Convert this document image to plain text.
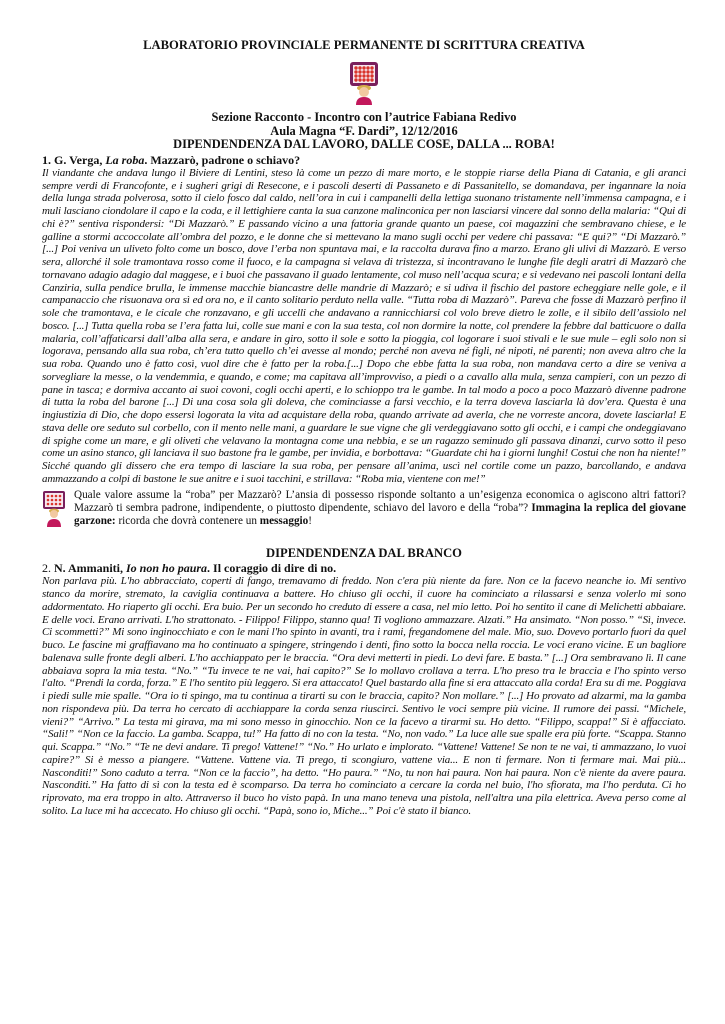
LABORATORIO PROVINCIALE PERMANENTE DI SCRITTURA CREATIVA

Sezione Racconto - Incontro con l’autrice Fabiana Redivo

Aula Magna “F. Dardi”, 12/12/2016

DIPENDENDENZA DAL LAVORO, DALLE COSE, DALLA ... ROBA!

1. G. Verga, La roba. Mazzarò, padrone o schiavo?

Il viandante che andava lungo il Biviere di Lentini, steso là come un pezzo di mare morto, e le stoppie riarse della Piana di Catania, e gli aranci sempre verdi di Francofonte, e i sugheri grigi di Resecone, e i pascoli deserti di Passaneto e di Passanitello, se domandava, per ingannare la noia della lunga strada polverosa, sotto il cielo fosco dal caldo, nell’ora in cui i campanelli della lettiga suonano tristamente nell’immensa campagna, e i muli lasciano ciondolare il capo e la coda, e il lettighiere canta la sua canzone malinconica per non lasciarsi vincere dal sonno della malaria: “Qui di chi è?” sentiva rispondersi: “Di Mazzarò.” E passando vicino a una fattoria grande quanto un paese, coi magazzini che sembravano chiese, e le galline a stormi accoccolate all’ombra del pozzo, e le donne che si mettevano la mano sugli occhi per vedere chi passava: “E qui?” “Di Mazzarò.” [...] Poi veniva un uliveto folto come un bosco, dove l’erba non spuntava mai, e la raccolta durava fino a marzo. Erano gli ulivi di Mazzarò. E verso sera, allorché il sole tramontava rosso come il fuoco, e la campagna si velava di tristezza, si incontravano le lunghe file degli aratri di Mazzarò che tornavano adagio adagio dal maggese, e i buoi che passavano il guado lentamente, col muso nell’acqua scura; e si vedevano nei pascoli lontani della Canziria, sulla pendice brulla, le immense macchie biancastre delle mandrie di Mazzarò; e si udiva il fischio del pastore echeggiare nelle gole, e il campanaccio che risuonava ora sì ed ora no, e il canto solitario perduto nella valle. “Tutta roba di Mazzarò”. Pareva che fosse di Mazzarò perfino il sole che tramontava, e le cicale che ronzavano, e gli uccelli che andavano a rannicchiarsi col volo breve dietro le zolle, e il sibilo dell’assiolo nel bosco. [...] Tutta quella roba se l’era fatta lui, colle sue mani e con la sua testa, col non dormire la notte, col prendere la febbre dal batticuore o dalla malaria, coll’affaticarsi dall’alba alla sera, e andare in giro, sotto il sole e sotto la pioggia, col logorare i suoi stivali e le sue mule – egli solo non si logorava, pensando alla sua roba, ch’era tutto quello ch’ei avesse al mondo; perché non aveva né figli, né nipoti, né parenti; non aveva altro che la sua roba. Quando uno è fatto così, vuol dire che è fatto per la roba.[...] Dopo che ebbe fatta la sua roba, non mandava certo a dire se veniva a sorvegliare la messe, o la vendemmia, e quando, e come; ma capitava all’improvviso, a piedi o a cavallo alla mula, senza campieri, con un pezzo di pane in tasca; e dormiva accanto ai suoi covoni, cogli occhi aperti, e lo schioppo tra le gambe. In tal modo a poco a poco Mazzarò divenne padrone di tutta la roba del barone [...] Di una cosa sola gli doleva, che cominciasse a farsi vecchio, e la terra doveva lasciarla là dov’era. Questa è una ingiustizia di Dio, che dopo essersi logorata la vita ad acquistare della roba, quando arrivate ad averla, che ne vorreste ancora, dovete lasciarla! E stava delle ore seduto sul corbello, con il mento nelle mani, a guardare le sue vigne che gli verdeggiavano sotto gli occhi, e i campi che ondeggiavano di spighe come un mare, e gli oliveti che velavano la montagna come una nebbia, e se un ragazzo seminudo gli passava dinanzi, curvo sotto il peso come un asino stanco, gli lanciava il suo bastone fra le gambe, per invidia, e borbottava: “Guardate chi ha i giorni lunghi! Costui che non ha niente!” Sicché quando gli dissero che era tempo di lasciare la sua roba, per pensare all’anima, uscì nel cortile come un pazzo, barcollando, e andava ammazzando a colpi di bastone le sue anitre e i suoi tacchini, e strillava: “Roba mia, vientene con me!”

Quale valore assume la “roba” per Mazzarò? L’ansia di possesso risponde soltanto a un’esigenza economica o agiscono altri fattori? Mazzarò ti sembra padrone, indipendente, o piuttosto dipendente, schiavo del lavoro e della “roba”? Immagina la replica del giovane garzone: ricorda che dovrà contenere un messaggio!

DIPENDENDENZA DAL BRANCO

2. N. Ammaniti, Io non ho paura. Il coraggio di dire di no.

Non parlava più. L'ho abbracciato, coperti di fango, tremavamo di freddo. Non c'era più niente da fare. Non ce la facevo neanche io. Mi sentivo stanco da morire, stremato, la caviglia continuava a battere. Ho chiuso gli occhi, il cuore ha cominciato a rilassarsi e senza volerlo mi sono addormentato. Ho riaperto gli occhi. Era buio. Per un secondo ho creduto di essere a casa, nel mio letto. Poi ho sentito il cane di Melichetti abbaiare. E delle voci. Erano arrivati. L'ho strattonato. - Filippo! Filippo, stanno qua! Ti vogliono ammazzare. Alzati.” Ha ansimato. “Non posso.” “Sì, invece. Ci scommetti?” Mi sono inginocchiato e con le mani l'ho spinto in avanti, tra i rami, fregandomene del male. Mio, suo. Dovevo portarlo fuori da quel buco. Le fascine mi graffiavano ma ho continuato a spingere, stringendo i denti, fino sotto la bocca nella roccia. Le voci erano vicine. E un bagliore balenava sulle fronte degli alberi. L'ho acchiappato per le braccia. “Ora devi metterti in piedi. Lo devi fare. E basta.” [...] Ora sembravano lì. Il cane abbaiava sopra la mia testa. “No.” “Tu invece te ne vai, hai capito?” Se lo mollavo crollava a terra. L'ho preso tra le braccia e l'ho spinto verso l'alto. “Prendi la corda, forza.” E l'ho sentito più leggero. Si era attaccato! Quel bastardo alla fine si era attaccato alla corda! Era su di me. Poggiava i piedi sulle mie spalle. “Ora io ti spingo, ma tu continua a tirarti su con le braccia, capito? Non mollare.” [...] Ho provato ad alzarmi, ma la gamba non rispondeva più. Da terra ho cercato di acchiappare la corda senza riuscirci. Sentivo le voci sempre più vicine. Il rumore dei passi. “Michele, vieni?” “Arrivo.” La testa mi girava, ma mi sono messo in ginocchio. Non ce la facevo a tirarmi su. Ho detto. “Filippo, scappa!” Si è affacciato. “Sali!” “Non ce la faccio. La gamba. Scappa, tu!” Ha fatto di no con la testa. “No, non vado.” La luce alle sue spalle era più forte. “Scappa. Stanno qui. Scappa.” “No.” “Te ne devi andare. Ti prego! Vattene!” “No.” Ho urlato e implorato. “Vattene! Vattene! Se non te ne vai, ti ammazzano, lo vuoi capire?” Si è messo a piangere. “Vattene. Vattene via. Ti prego, ti scongiuro, vattene via... E non ti fermare. Non ti fermare mai. Mai più... Nasconditi!” Sono caduto a terra. “Non ce la faccio”, ha detto. “Ho paura.” “No, tu non hai paura. Non hai paura. Non c'è niente da avere paura. Nasconditi.” Ha fatto di sì con la testa ed è scomparso. Da terra ho cominciato a cercare la corda nel buio, l'ho sfiorata, ma l'ho perduta. Ci ho riprovato, ma era troppo in alto. Attraverso il buco ho visto papà. In una mano teneva una pistola, nell'altra una pila elettrica. Aveva perso come al solito. La luce mi ha accecato. Ho chiuso gli occhi. “Papà, sono io, Miche...” Poi c'è stato il bianco.
